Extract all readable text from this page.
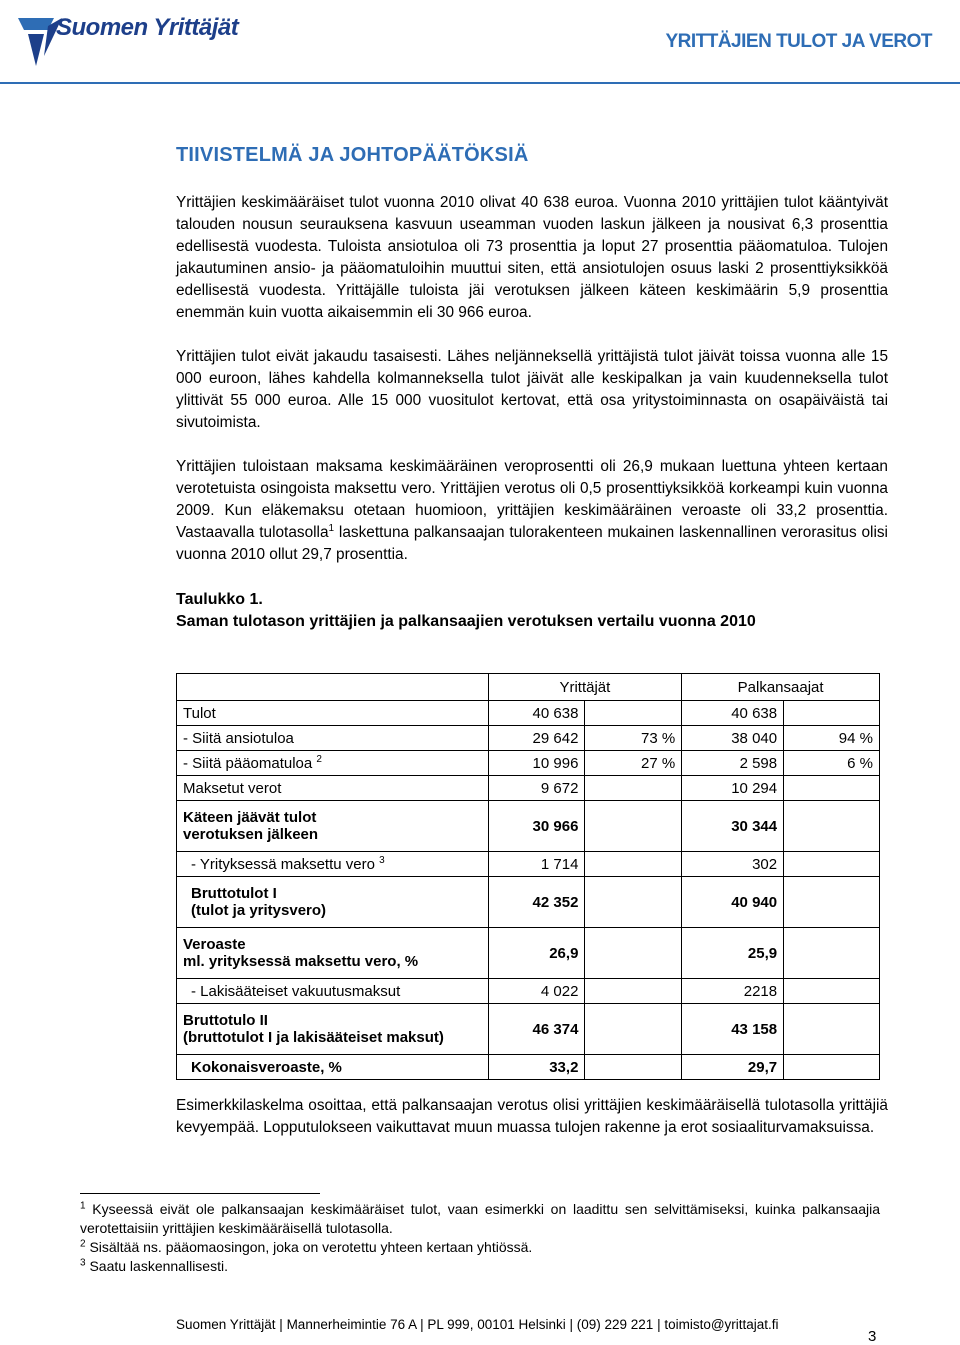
Suomen Yrittäjät
YRITTÄJIEN TULOT JA VEROT
TIIVISTELMÄ JA JOHTOPÄÄTÖKSIÄ

Yrittäjien keskimääräiset tulot vuonna 2010 olivat 40 638 euroa. Vuonna 2010 yrittäjien tulot kääntyivät talouden nousun seurauksena kasvuun useamman vuoden laskun jälkeen ja nousivat 6,3 prosenttia edellisestä vuodesta. Tuloista ansiotuloa oli 73 prosenttia ja loput 27 prosenttia pääomatuloa. Tulojen jakautuminen ansio- ja pääomatuloihin muuttui siten, että ansiotulojen osuus laski 2 prosenttiyksikköä edellisestä vuodesta. Yrittäjälle tuloista jäi verotuksen jälkeen käteen keskimäärin 5,9 prosenttia enemmän kuin vuotta aikaisemmin eli 30 966 euroa.

Yrittäjien tulot eivät jakaudu tasaisesti. Lähes neljänneksellä yrittäjistä tulot jäivät toissa vuonna alle 15 000 euroon, lähes kahdella kolmanneksella tulot jäivät alle keskipalkan ja vain kuudenneksella tulot ylittivät 55 000 euroa. Alle 15 000 vuositulot kertovat, että osa yritystoiminnasta on osapäiväistä tai sivutoimista.

Yrittäjien tuloistaan maksama keskimääräinen veroprosentti oli 26,9 mukaan luettuna yhteen kertaan verotetuista osingoista maksettu vero. Yrittäjien verotus oli 0,5 prosenttiyksikköä korkeampi kuin vuonna 2009. Kun eläkemaksu otetaan huomioon, yrittäjien keskimääräinen veroaste oli 33,2 prosenttia. Vastaavalla tulotasolla$^1$ laskettuna palkansaajan tulorakenteen mukainen laskennallinen verorasitus olisi vuonna 2010 ollut 29,7 prosenttia.

Taulukko 1.

Saman tulotason yrittäjien ja palkansaajien verotuksen vertailu vuonna 2010

	Yrittäjät		Palkansaajat	
Tulot	40 638		40 638	
- Siitä ansiotuloa	29 642	73 %	38 040	94 %
- Siitä pääomatuloa $^2$	10 996	27 %	2 598	6 %
Maksetut verot	9 672		10 294	
Käteen jäävät tulot
verotuksen jälkeen	30 966		30 344	
- Yrityksessä maksettu vero $^3$	1 714		302	
Bruttotulot I
(tulot ja yritysvero)	42 352		40 940	
Veroaste
ml. yrityksessä maksettu vero, %	26,9		25,9	
- Lakisääteiset vakuutusmaksut	4 022		2218	
Bruttotulo II
(bruttotulot I ja lakisääteiset maksut)	46 374		43 158	
Kokonaisveroaste, %	33,2		29,7	

Esimerkkilaskelma osoittaa, että palkansaajan verotus olisi yrittäjien keskimääräisellä tulotasolla yrittäjiä kevyempää. Lopputulokseen vaikuttavat muun muassa tulojen rakenne ja erot sosiaaliturvamaksuissa.

$^1$ Kyseessä eivät ole palkansaajan keskimääräiset tulot, vaan esimerkki on laadittu sen selvittämiseksi, kuinka palkansaajia verotettaisiin yrittäjien keskimääräisellä tulotasolla.

$^2$ Sisältää ns. pääomaosingon, joka on verotettu yhteen kertaan yhtiössä.

$^3$ Saatu laskennallisesti.

Suomen Yrittäjät | Mannerheimintie 76 A | PL 999, 00101 Helsinki | (09) 229 221 | toimisto@yrittajat.fi
3
